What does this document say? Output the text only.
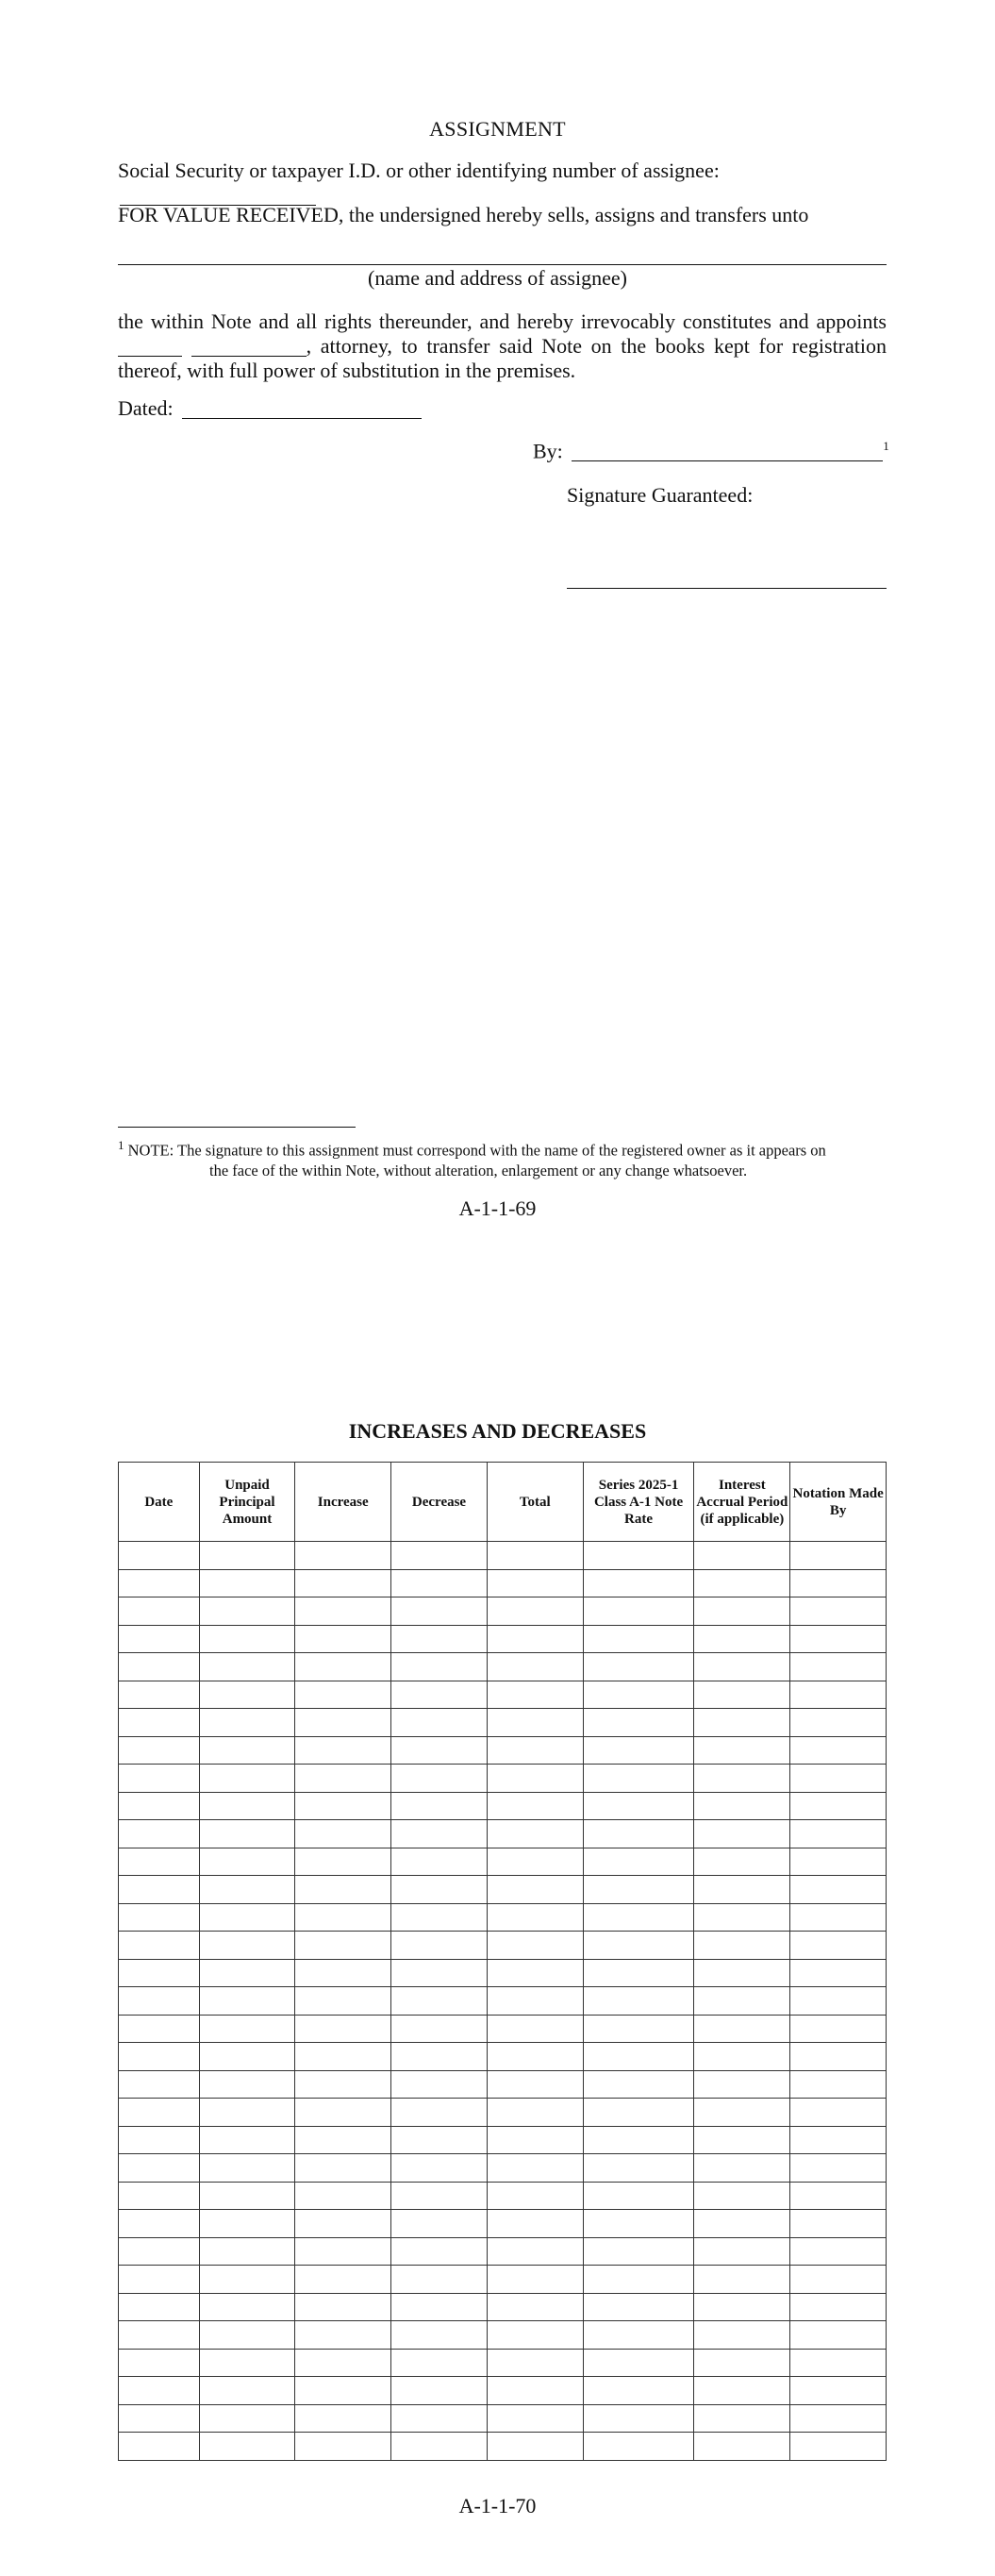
ASSIGNMENT
Social Security or taxpayer I.D. or other identifying number of assignee:
FOR VALUE RECEIVED, the undersigned hereby sells, assigns and transfers unto
(name and address of assignee)
the within Note and all rights thereunder, and hereby irrevocably constitutes and appoints  , attorney, to transfer said Note on the books kept for registration thereof, with full power of substitution in the premises.
Dated:
By:	$^1$
Signature Guaranteed:
$^1$ NOTE: The signature to this assignment must correspond with the name of the registered owner as it appears on
the face of the within Note, without alteration, enlargement or any change whatsoever.
A-1-1-69
INCREASES AND DECREASES
Date	Unpaid Principal Amount	Increase	Decrease	Total	Series 2025-1 Class A-1 Note Rate	Interest Accrual Period (if applicable)	Notation Made By

A-1-1-70
